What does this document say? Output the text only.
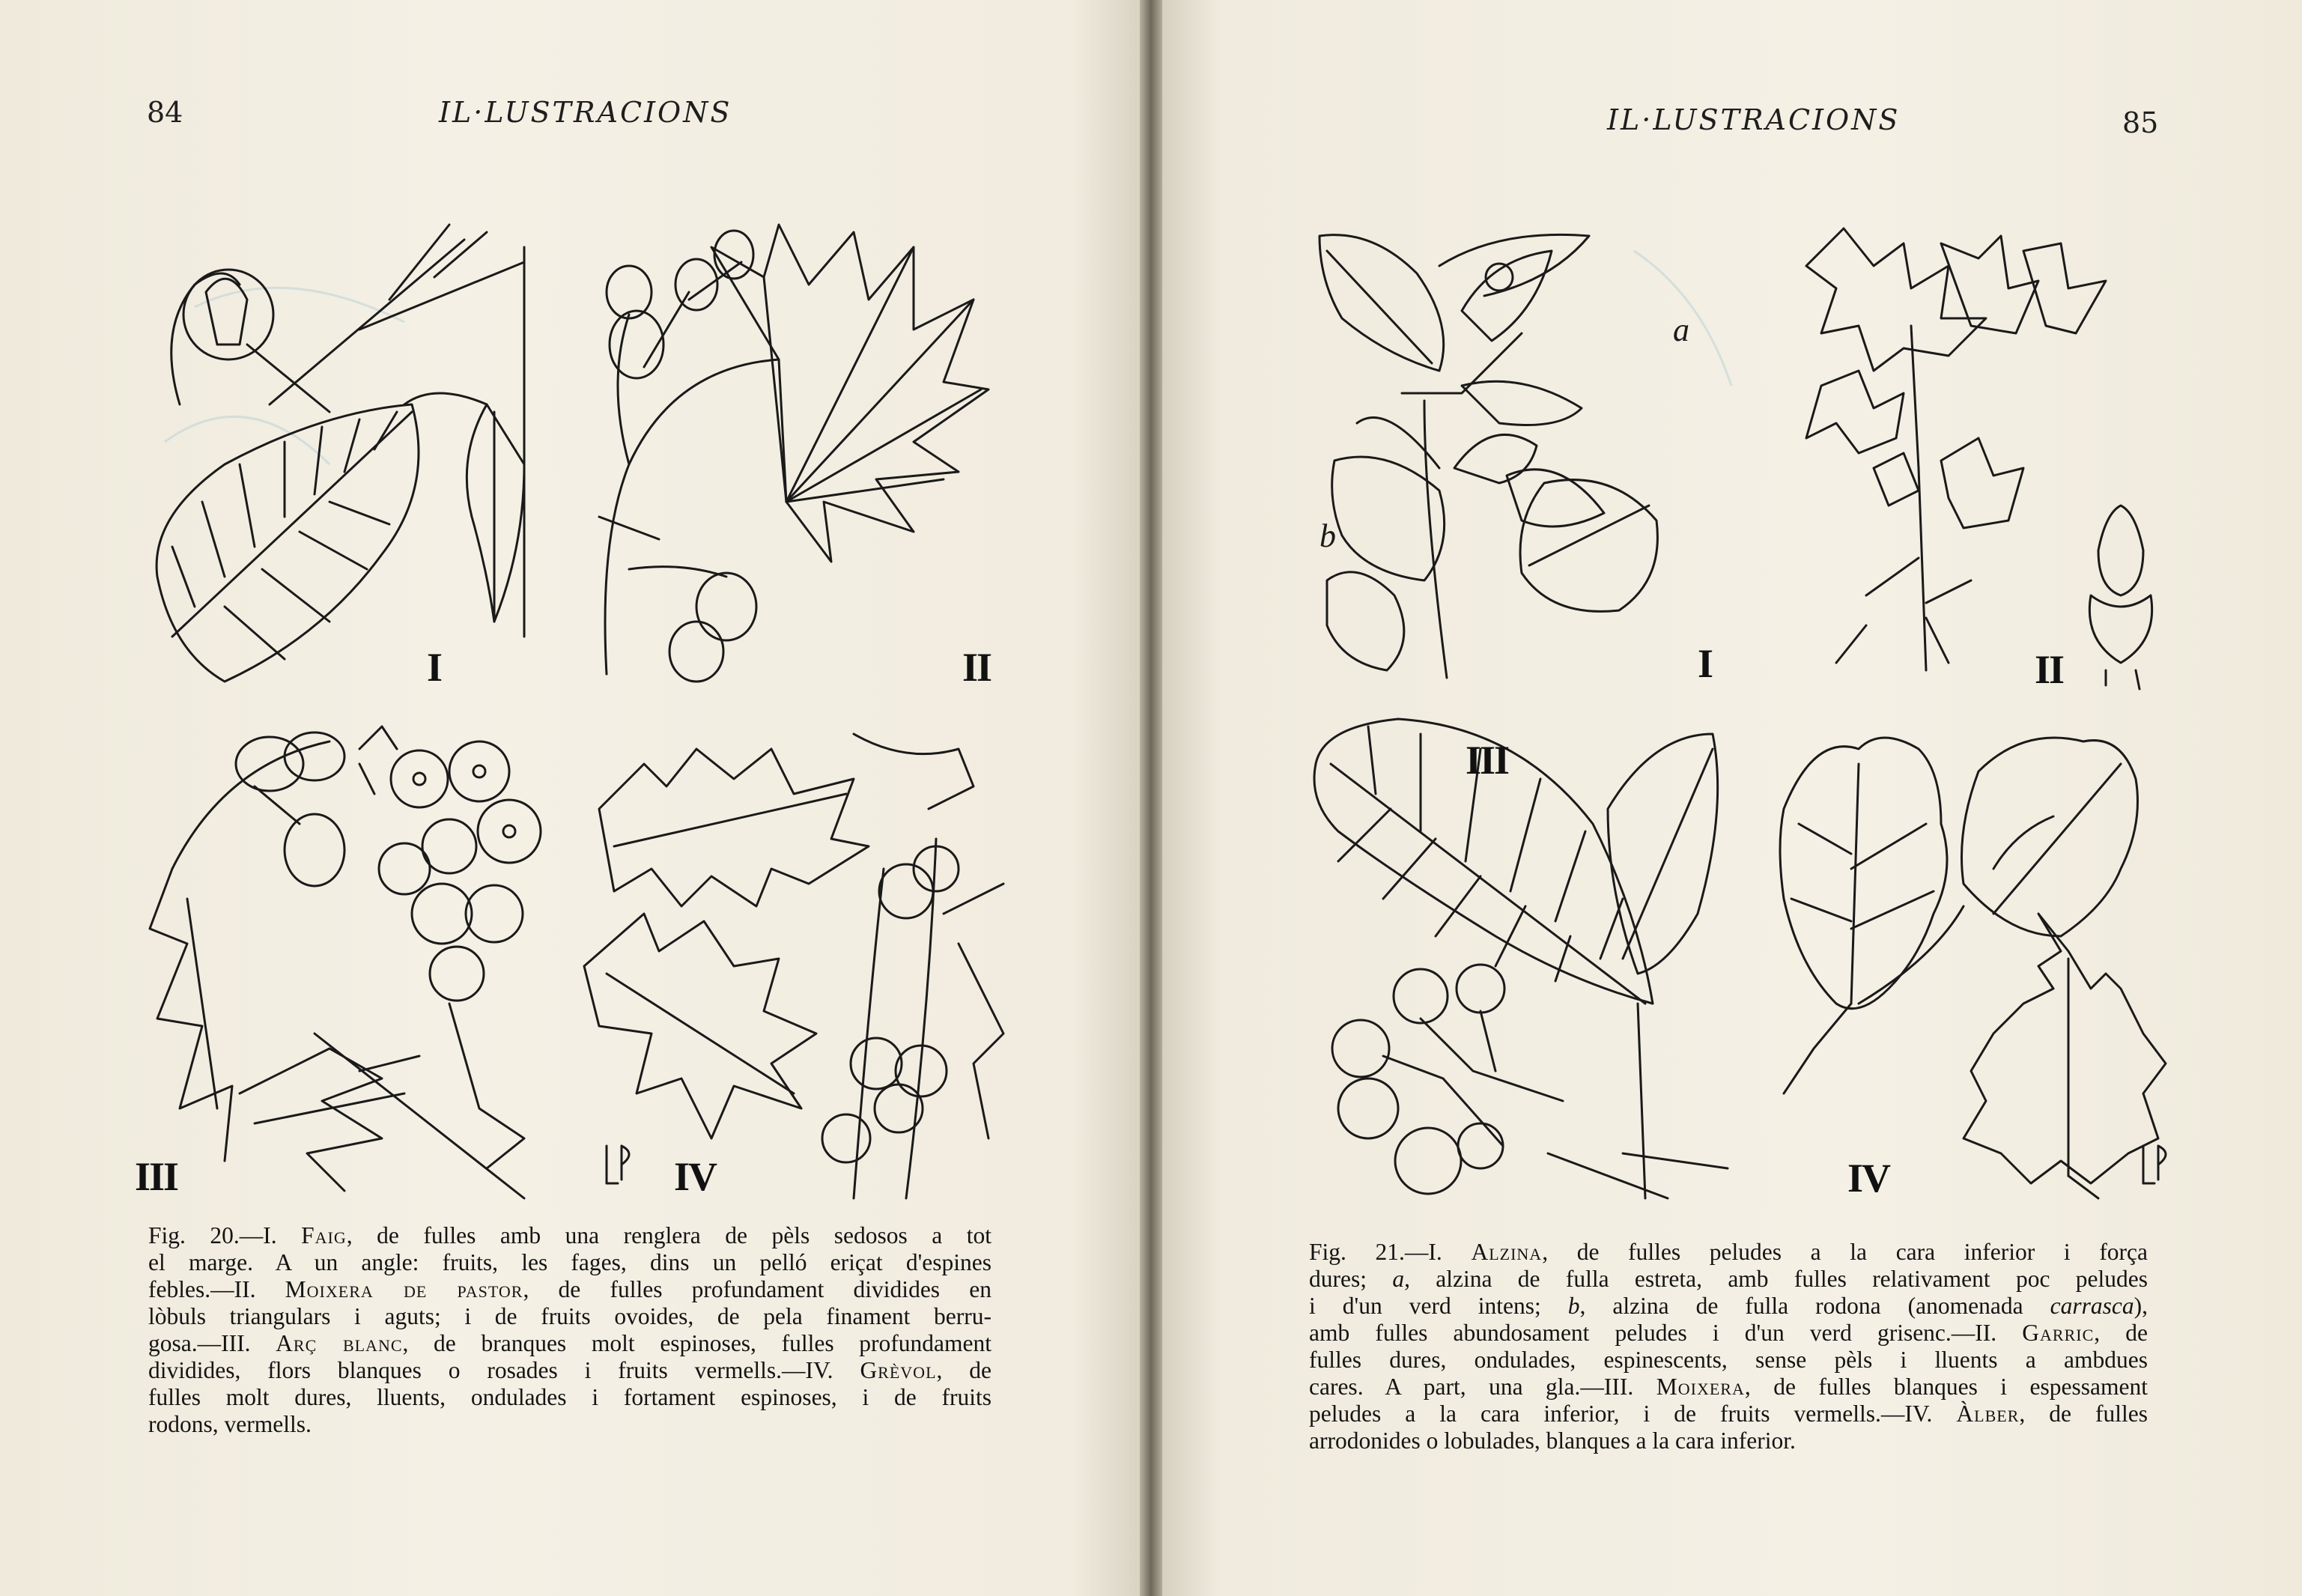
84	IL·LUSTRACIONS
I	II
III	IV

Fig. 20.—I. Faig, de fulles amb una renglera de pèls sedosos a tot
el marge. A un angle: fruits, les fages, dins un pelló eriçat d'espines
febles.—II. Moixera de pastor, de fulles profundament dividides en
lòbuls triangulars i aguts; i de fruits ovoides, de pela finament berru-
gosa.—III. Arç blanc, de branques molt espinoses, fulles profundament
dividides, flors blanques o rosades i fruits vermells.—IV. Grèvol, de
fulles molt dures, lluents, ondulades i fortament espinoses, i de fruits
rodons, vermells.

IL·LUSTRACIONS	85
a
b
I	II
III
IV

Fig. 21.—I. Alzina, de fulles peludes a la cara inferior i força
dures; a, alzina de fulla estreta, amb fulles relativament poc peludes
i d'un verd intens; b, alzina de fulla rodona (anomenada carrasca),
amb fulles abundosament peludes i d'un verd grisenc.—II. Garric, de
fulles dures, ondulades, espinescents, sense pèls i lluents a ambdues
cares. A part, una gla.—III. Moixera, de fulles blanques i espessament
peludes a la cara inferior, i de fruits vermells.—IV. Àlber, de fulles
arrodonides o lobulades, blanques a la cara inferior.
